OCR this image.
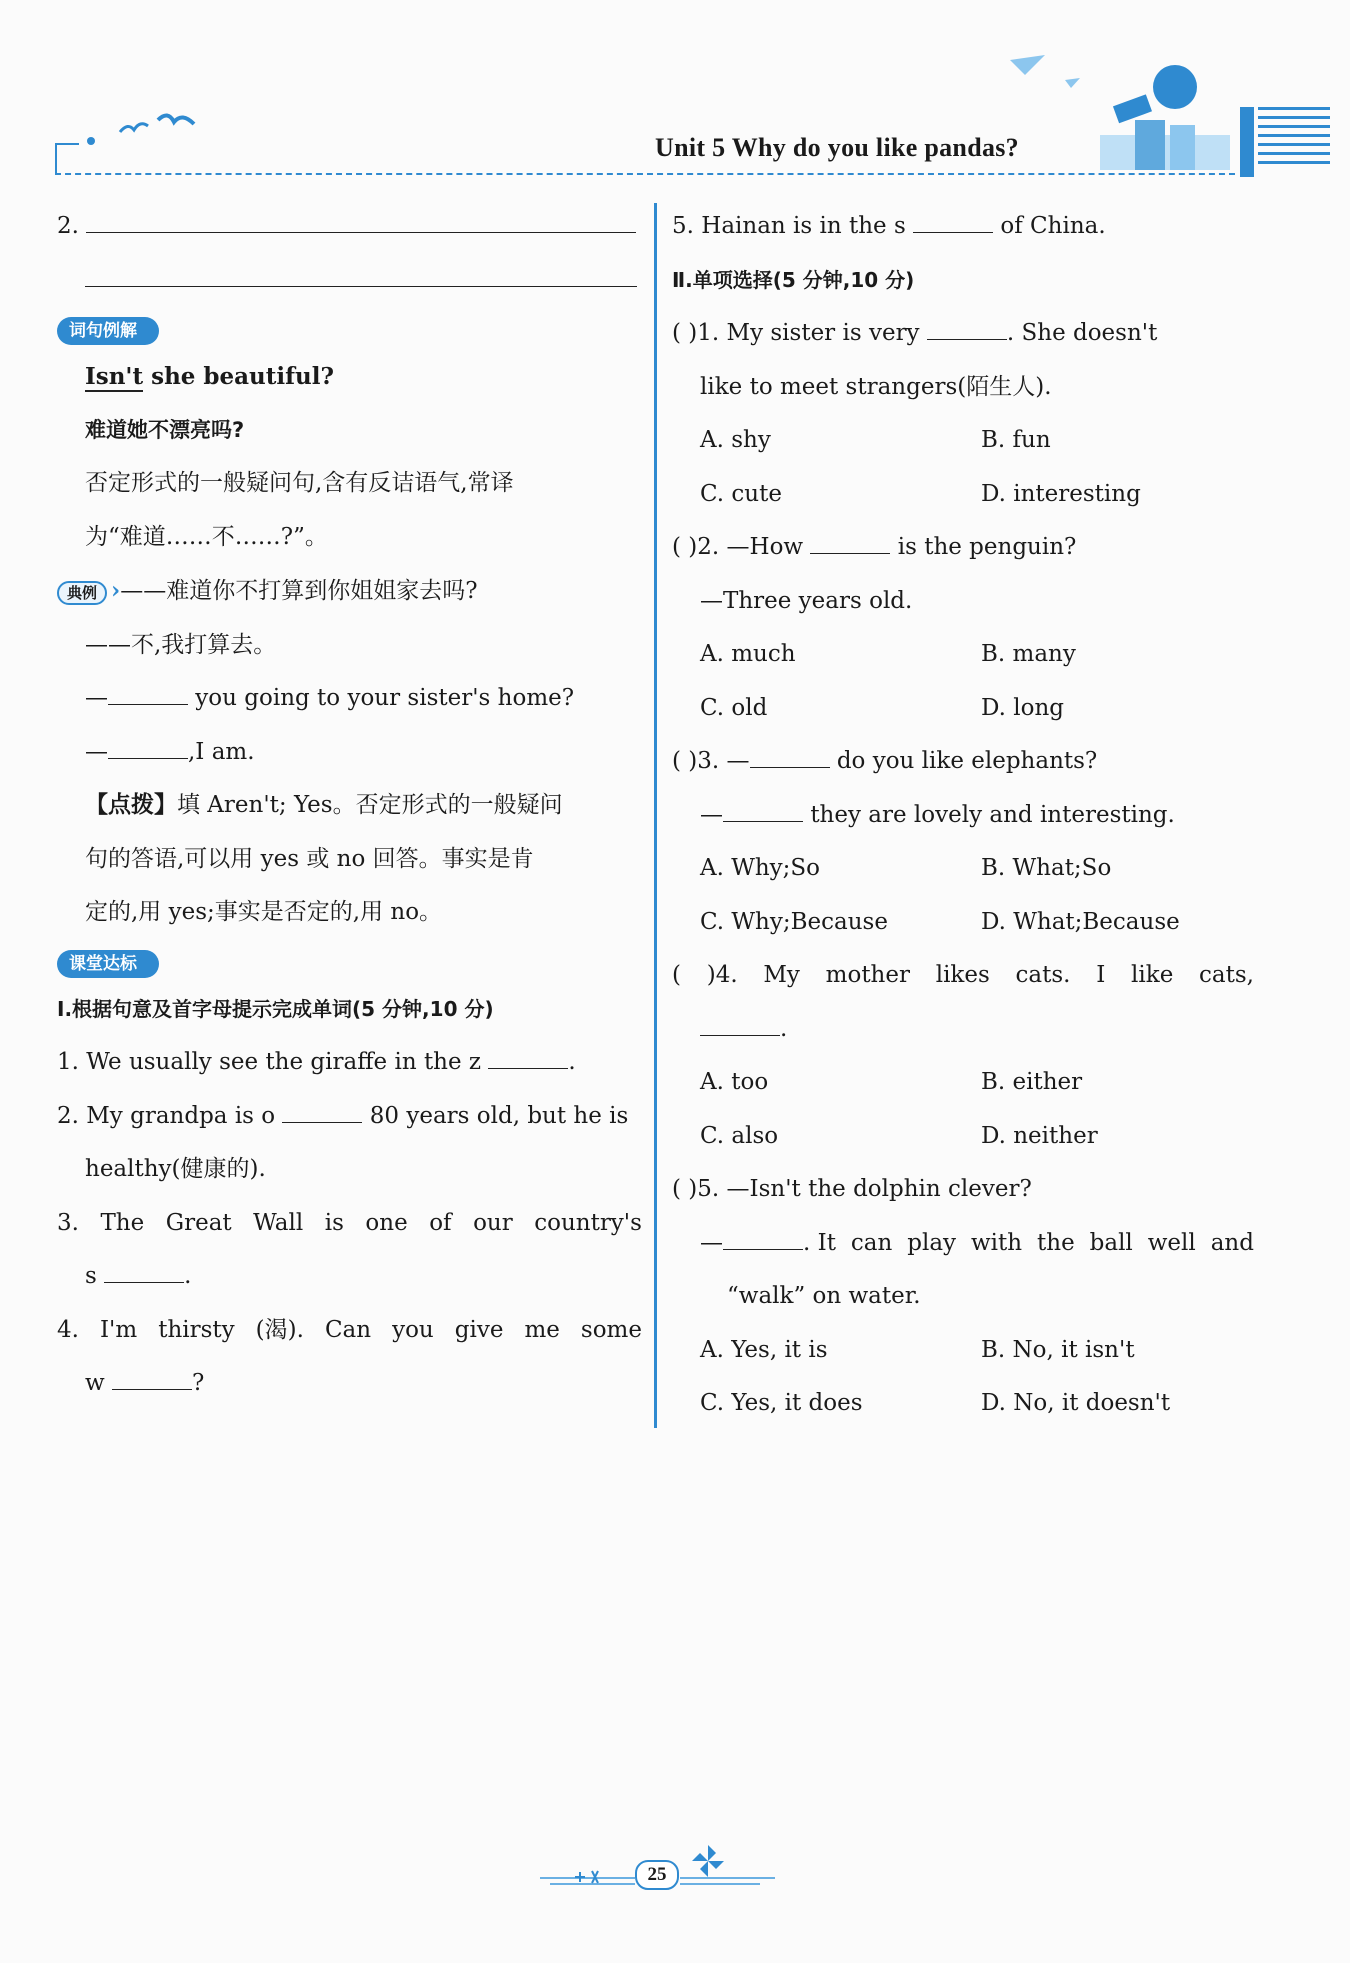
Unit 5 Why do you like pandas?
2.
词句例解
Isn't she beautiful?
难道她不漂亮吗?
否定形式的一般疑问句,含有反诘语气,常译
为“难道……不……?”。
典例 ›——难道你不打算到你姐姐家去吗?
——不,我打算去。
—	you going to your sister's home?
—	,I am.
【点拨】填 Aren't; Yes。否定形式的一般疑问
句的答语,可以用 yes 或 no 回答。事实是肯
定的,用 yes;事实是否定的,用 no。
课堂达标
Ⅰ.根据句意及首字母提示完成单词(5 分钟,10 分)
1. We usually see the giraffe in the z	.
2. My grandpa is o	80 years old, but he is
healthy(健康的).
3. The Great Wall is one of our country's
s	.
4. I'm thirsty (渴). Can you give me some
w	?
5. Hainan is in the s	of China.
Ⅱ.单项选择(5 分钟,10 分)
( )1. My sister is very	. She doesn't
like to meet strangers(陌生人).
A. shy	B. fun
C. cute	D. interesting
( )2. —How	is the penguin?
—Three years old.
A. much	B. many
C. old	D. long
( )3. —	do you like elephants?
—	they are lovely and interesting.
A. Why;So	B. What;So
C. Why;Because	D. What;Because
( )4. My mother likes cats. I like cats,
.
A. too	B. either
C. also	D. neither
( )5. —Isn't the dolphin clever?
—	. It can play with the ball well and
“walk” on water.
A. Yes, it is	B. No, it isn't
C. Yes, it does	D. No, it doesn't
25
